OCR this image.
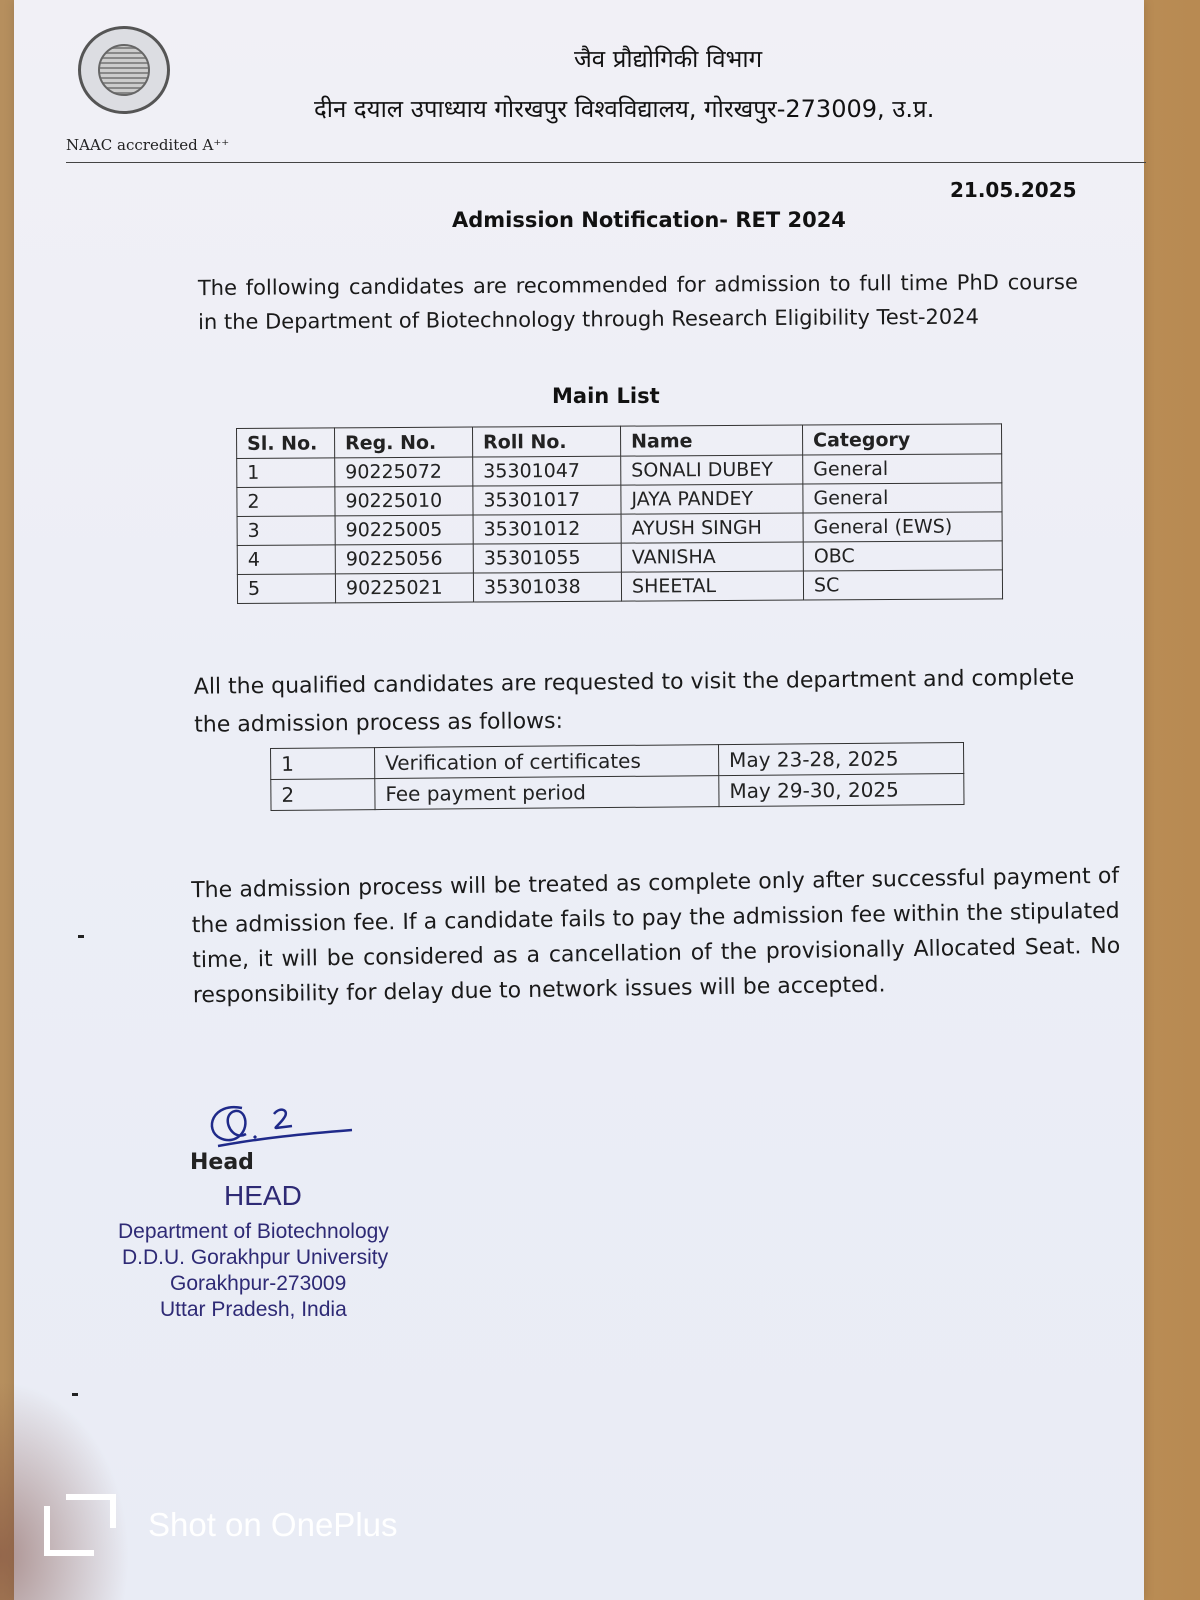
NAAC accredited A⁺⁺
जैव प्रौद्योगिकी विभाग
दीन दयाल उपाध्याय गोरखपुर विश्वविद्यालय, गोरखपुर-273009, उ.प्र.
21.05.2025
Admission Notification- RET 2024
The following candidates are recommended for admission to full time PhD course in the Department of Biotechnology through Research Eligibility Test-2024
Main List
Sl. No.	Reg. No.	Roll No.	Name	Category
1	90225072	35301047	SONALI DUBEY	General
2	90225010	35301017	JAYA PANDEY	General
3	90225005	35301012	AYUSH SINGH	General (EWS)
4	90225056	35301055	VANISHA	OBC
5	90225021	35301038	SHEETAL	SC
All the qualified candidates are requested to visit the department and complete the admission process as follows:
1	Verification of certificates	May 23-28, 2025
2	Fee payment period	May 29-30, 2025
The admission process will be treated as complete only after successful payment of the admission fee. If a candidate fails to pay the admission fee within the stipulated time, it will be considered as a cancellation of the provisionally Allocated Seat. No responsibility for delay due to network issues will be accepted.
Head
HEAD
Department of Biotechnology
D.D.U. Gorakhpur University
Gorakhpur-273009
Uttar Pradesh, India
Shot on OnePlus
